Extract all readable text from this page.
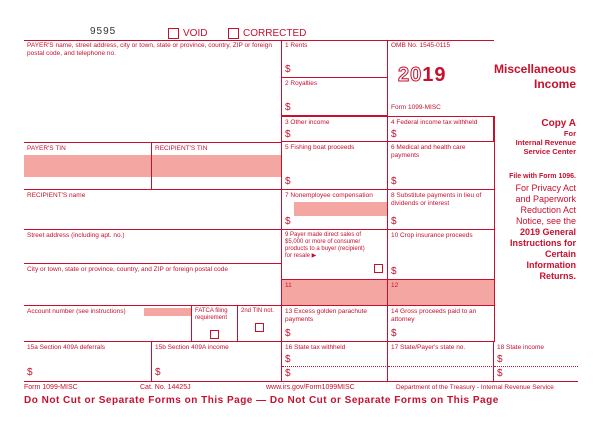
9595	VOID	CORRECTED
PAYER'S name, street address, city or town, state or province, country, ZIP or foreign postal code, and telephone no.
1 Rents
$
2 Royalties
$
OMB No. 1545-0115
2019
Form 1099-MISC
Miscellaneous
Income
3 Other income
$
4 Federal income tax withheld
$
Copy A
For
Internal Revenue
Service Center
File with Form 1096.
For Privacy Act
and Paperwork
Reduction Act
Notice, see the
2019 General
Instructions for
Certain
Information
Returns.
PAYER'S TIN	RECIPIENT'S TIN	5 Fishing boat proceeds
$
6 Medical and health care payments
$
RECIPIENT'S name	7 Nonemployee compensation
$
8 Substitute payments in lieu of dividends or interest
$
Street address (including apt. no.)
City or town, state or province, country, and ZIP or foreign postal code
9 Payer made direct sales of $5,000 or more of consumer products to a buyer (recipient) for resale ▶
10 Crop insurance proceeds
$
11	12
Account number (see instructions)	FATCA filing requirement
2nd TIN not.	13 Excess golden parachute payments
$
14 Gross proceeds paid to an attorney
$
15a Section 409A deferrals
$
15b Section 409A income
$
16 State tax withheld
$
$
17 State/Payer's state no.	18 State income
$
$
Form 1099-MISC	Cat. No. 14425J	www.irs.gov/Form1099MISC	Department of the Treasury - Internal Revenue Service
Do Not Cut or Separate Forms on This Page — Do Not Cut or Separate Forms on This Page
